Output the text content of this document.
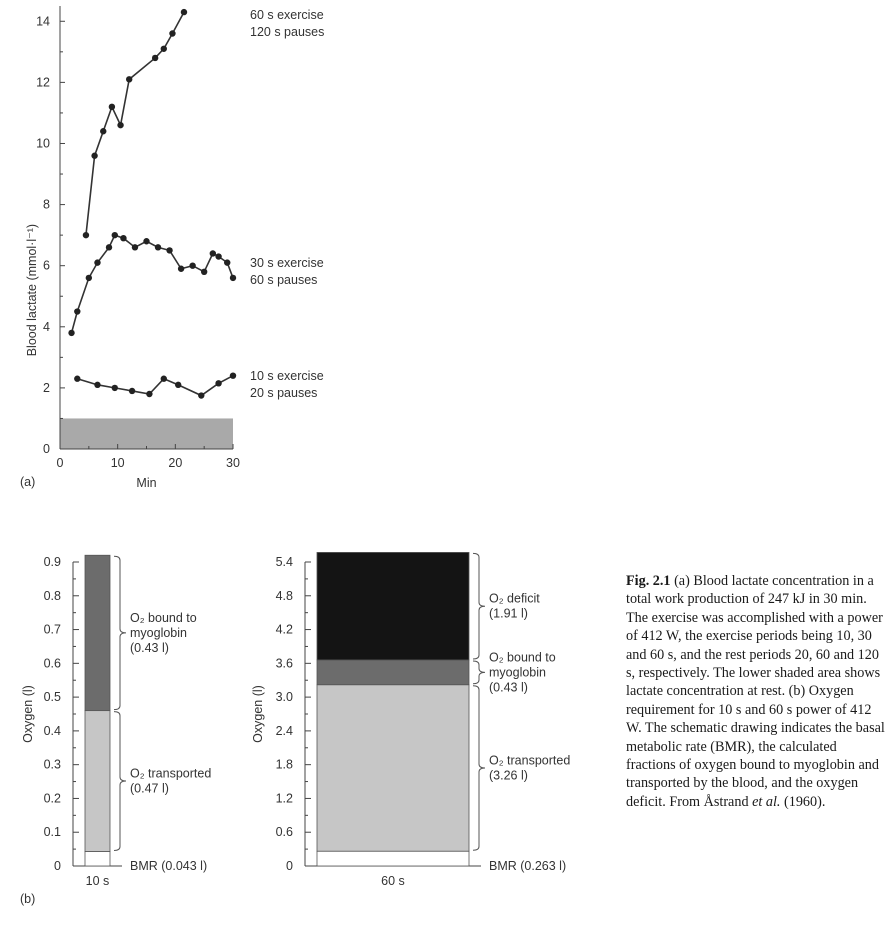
0
2
4
6
8
10
12
14
0	10	20	30
Min
Blood lactate (mmol·l⁻¹)
(a)
60 s exercise
120 s pauses
30 s exercise
60 s pauses
10 s exercise
20 s pauses
0
0.1
0.2
0.3
0.4
0.5
0.6
0.7
0.8
0.9
BMR (0.043 l)
O₂ transported
(0.47 l)
O₂ bound to
myoglobin
(0.43 l)
10 s
Oxygen (l)
0
0.6
1.2
1.8
2.4
3.0
3.6
4.2
4.8
5.4
BMR (0.263 l)
O₂ transported
(3.26 l)
O₂ bound to
myoglobin
(0.43 l)
O₂ deficit
(1.91 l)
60 s
Oxygen (l)
(b)
Fig. 2.1 (a) Blood lactate concentration in a total work production of 247 kJ in 30 min. The exercise was accomplished with a power of 412 W, the exercise periods being 10, 30 and 60 s, and the rest periods 20, 60 and 120 s, respectively. The lower shaded area shows lactate concentration at rest. (b) Oxygen requirement for 10 s and 60 s power of 412 W. The schematic drawing indicates the basal metabolic rate (BMR), the calculated fractions of oxygen bound to myoglobin and transported by the blood, and the oxygen deficit. From Åstrand et al. (1960).
